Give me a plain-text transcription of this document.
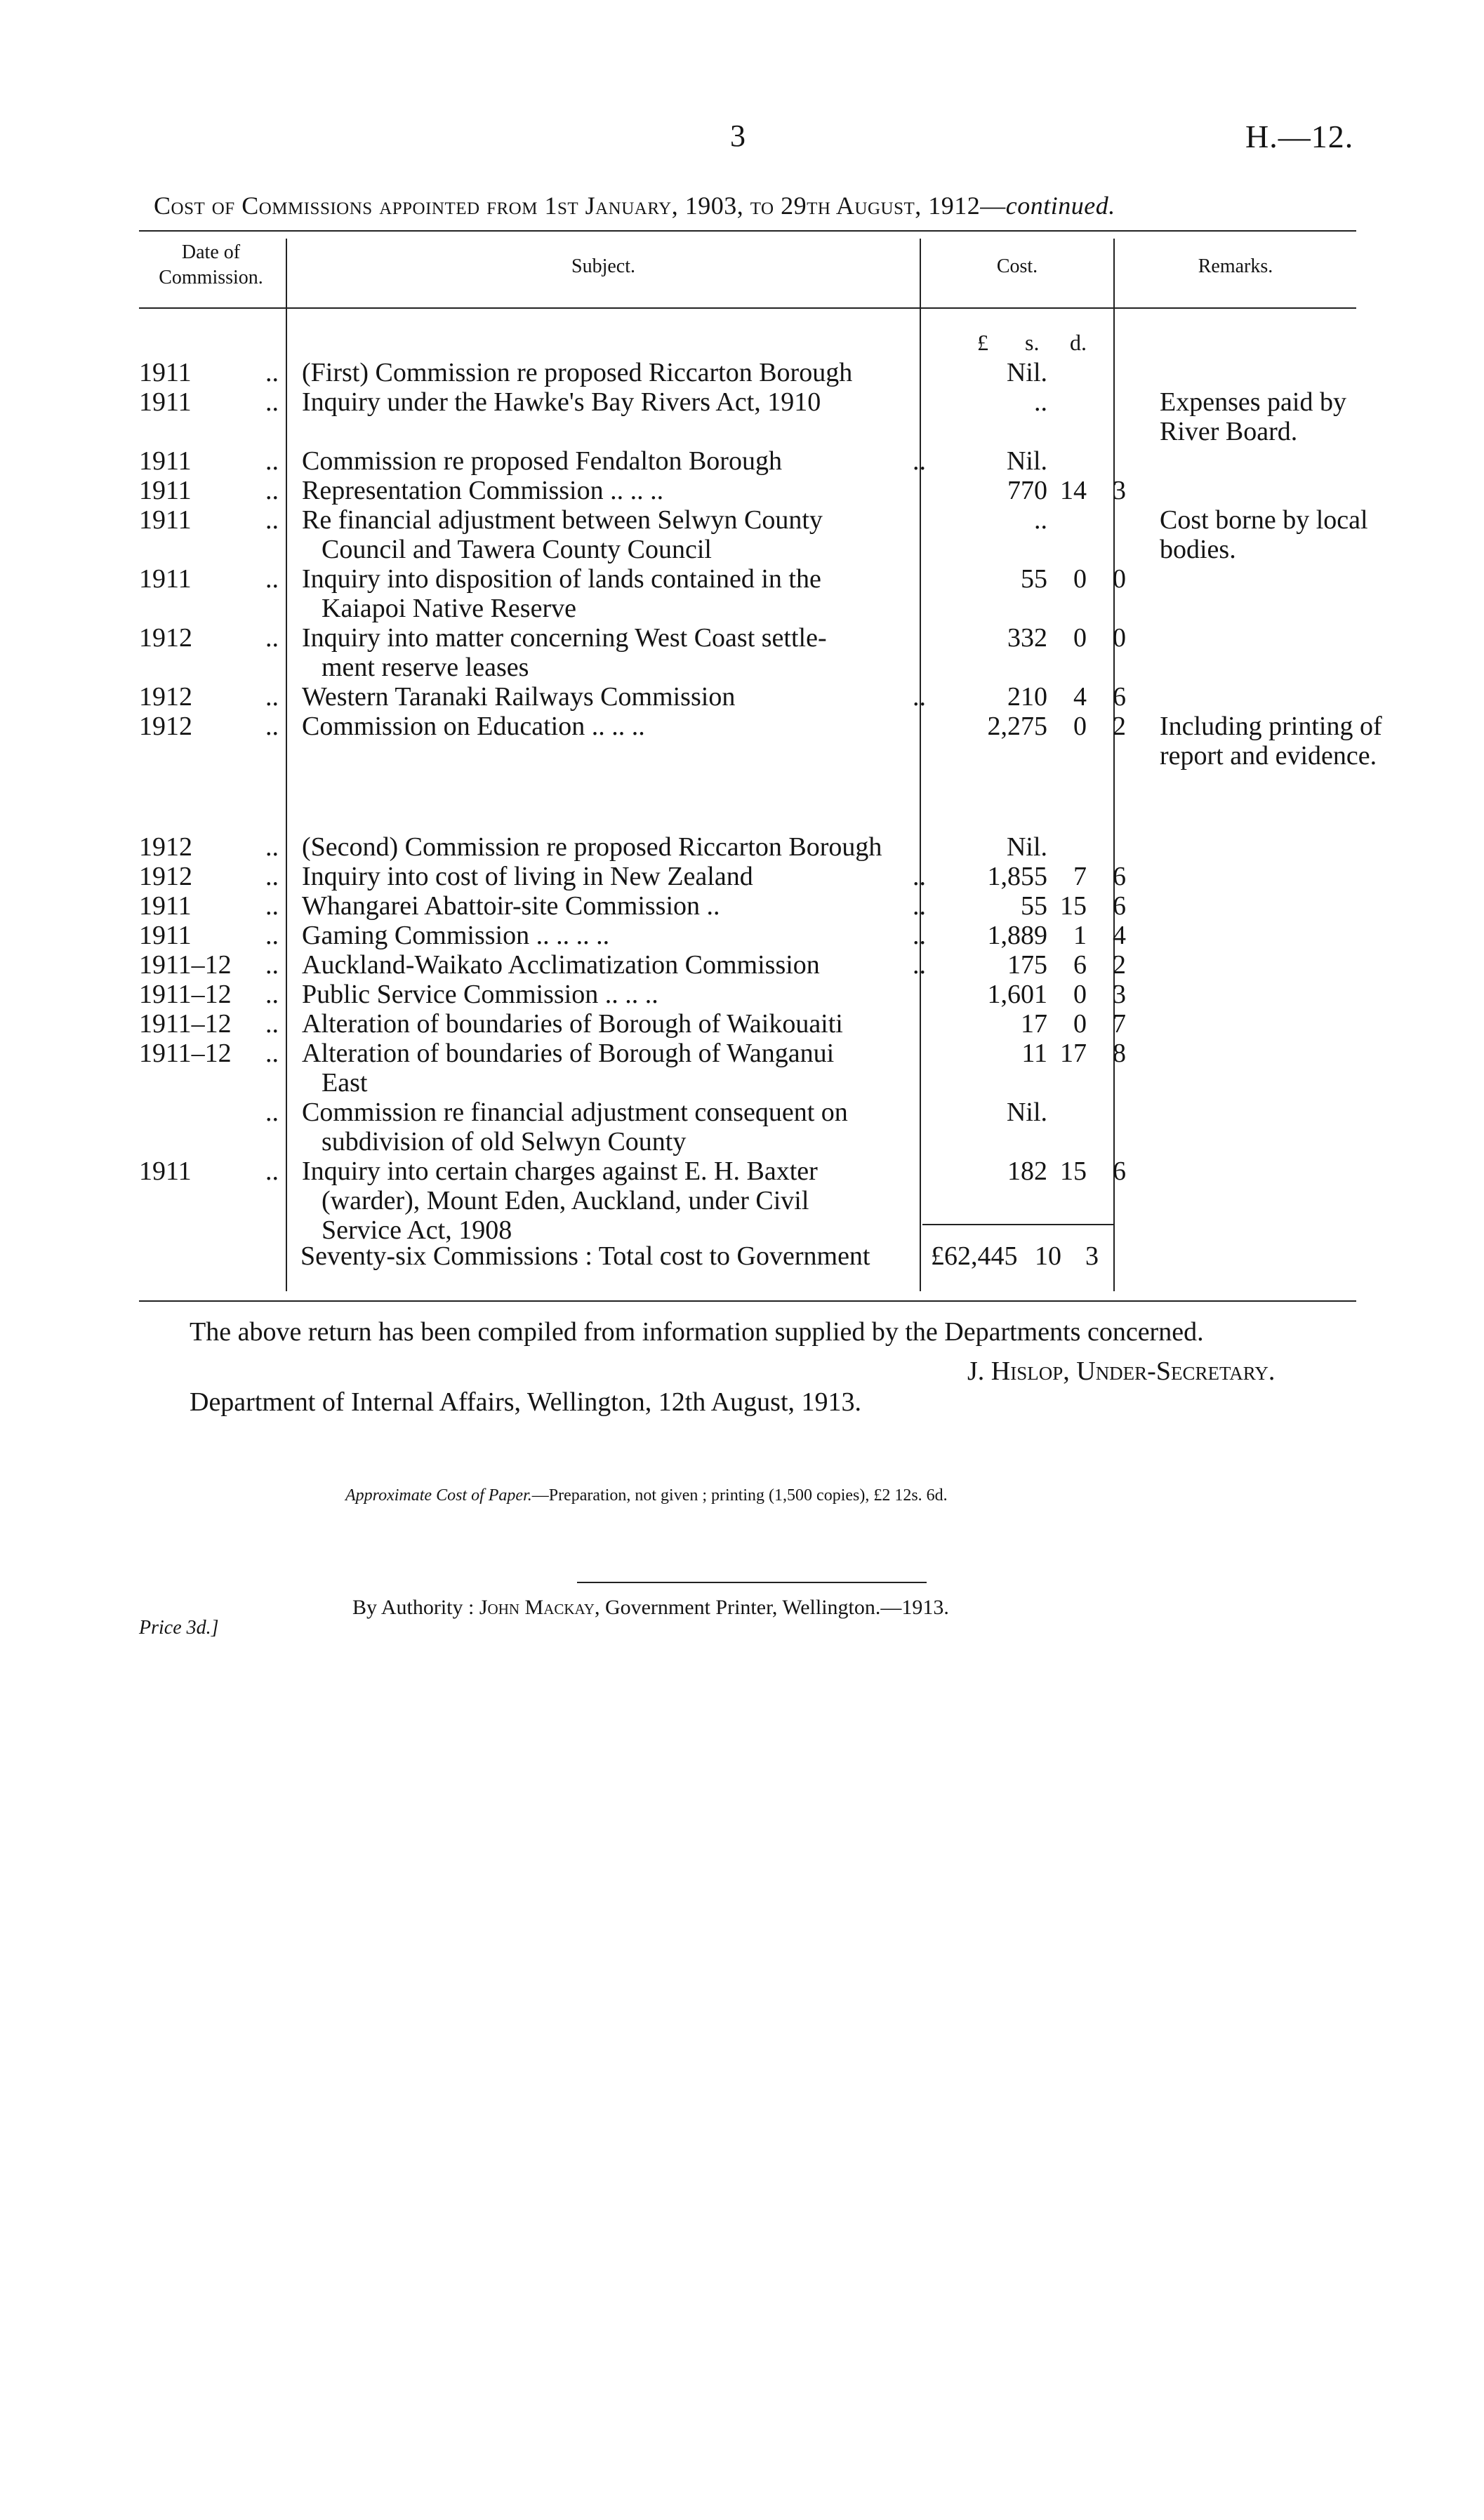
3	H.—12.
Cost of Commissions appointed from 1st January, 1903, to 29th August, 1912—continued.
Date of
Commission.
Subject.	Cost.	Remarks.
£ s. d.
1911	..	(First) Commission re proposed Riccarton Borough		Nil.			
1911	..	Inquiry under the Hawke's Bay Rivers Act, 1910		..			Expenses paid by River Board.

1911	..	Commission re proposed Fendalton Borough	..	Nil.			
1911	..	Representation Commission .. .. ..		770	14	3	
1911	..	Re financial adjustment between Selwyn County
Council and Tawera County Council		..			Cost borne by local bodies.
1911	..	Inquiry into disposition of lands contained in the
Kaiapoi Native Reserve		55	0	0	
1912	..	Inquiry into matter concerning West Coast settle-
ment reserve leases		332	0	0	
1912	..	Western Taranaki Railways Commission	..	210	4	6	
1912	..	Commission on Education .. .. ..		2,275	0	2	Including printing of report and evidence.

1912	..	(Second) Commission re proposed Riccarton Borough		Nil.			
1912	..	Inquiry into cost of living in New Zealand	..	1,855	7	6	
1911	..	Whangarei Abattoir-site Commission ..	..	55	15	6	
1911	..	Gaming Commission .. .. .. ..	..	1,889	1	4	
1911–12	..	Auckland-Waikato Acclimatization Commission	..	175	6	2	
1911–12	..	Public Service Commission .. .. ..		1,601	0	3	
1911–12	..	Alteration of boundaries of Borough of Waikouaiti		17	0	7	
1911–12	..	Alteration of boundaries of Borough of Wanganui
East		11	17	8	
	..	Commission re financial adjustment consequent on
subdivision of old Selwyn County		Nil.			
1911	..	Inquiry into certain charges against E. H. Baxter
(warder), Mount Eden, Auckland, under Civil
Service Act, 1908		182	15	6	
Seventy-six Commissions : Total cost to Government £62,445 10 3
The above return has been compiled from information supplied by the Departments concerned.
J. Hislop, Under-Secretary.
Department of Internal Affairs, Wellington, 12th August, 1913.
Approximate Cost of Paper.—Preparation, not given ; printing (1,500 copies), £2 12s. 6d.
By Authority : John Mackay, Government Printer, Wellington.—1913.
Price 3d.]
